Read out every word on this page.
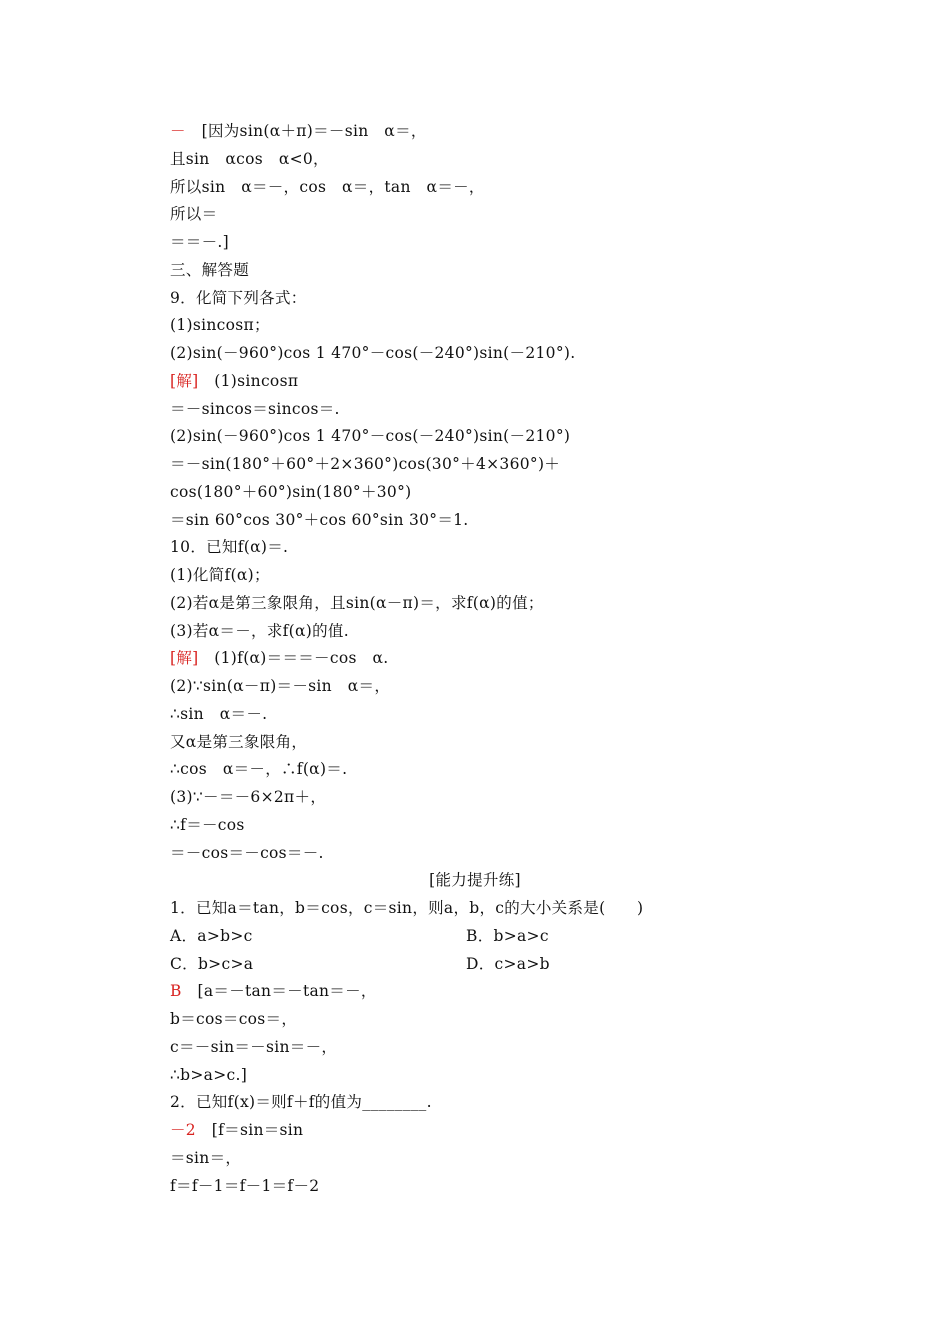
－　[因为sin(α＋π)＝－sin　α＝，
且sin　αcos　α<0，
所以sin　α＝－，cos　α＝，tan　α＝－，
所以＝
＝＝－.]
三、解答题
9．化简下列各式：
(1)sincosπ；
(2)sin(－960°)cos 1 470°－cos(－240°)sin(－210°).
[解]　(1)sincosπ
＝－sincos＝sincos＝.
(2)sin(－960°)cos 1 470°－cos(－240°)sin(－210°)
＝－sin(180°＋60°＋2×360°)cos(30°＋4×360°)＋
cos(180°＋60°)sin(180°＋30°)
＝sin 60°cos 30°＋cos 60°sin 30°＝1.
10．已知f(α)＝.
(1)化简f(α)；
(2)若α是第三象限角，且sin(α－π)＝，求f(α)的值；
(3)若α＝－，求f(α)的值.
[解]　(1)f(α)＝＝＝－cos　α.
(2)∵sin(α－π)＝－sin　α＝，
∴sin　α＝－.
又α是第三象限角，
∴cos　α＝－，∴f(α)＝.
(3)∵－＝－6×2π＋，
∴f＝－cos
＝－cos＝－cos＝－.
[能力提升练]
1．已知a＝tan，b＝cos，c＝sin，则a，b，c的大小关系是(　　)
A．a>b>c	B．b>a>c
C．b>c>a	D．c>a>b
B　[a＝－tan＝－tan＝－，
b＝cos＝cos＝，
c＝－sin＝－sin＝－，
∴b>a>c.]
2．已知f(x)＝则f＋f的值为________.
－2　[f＝sin＝sin
＝sin＝，
f＝f－1＝f－1＝f－2
